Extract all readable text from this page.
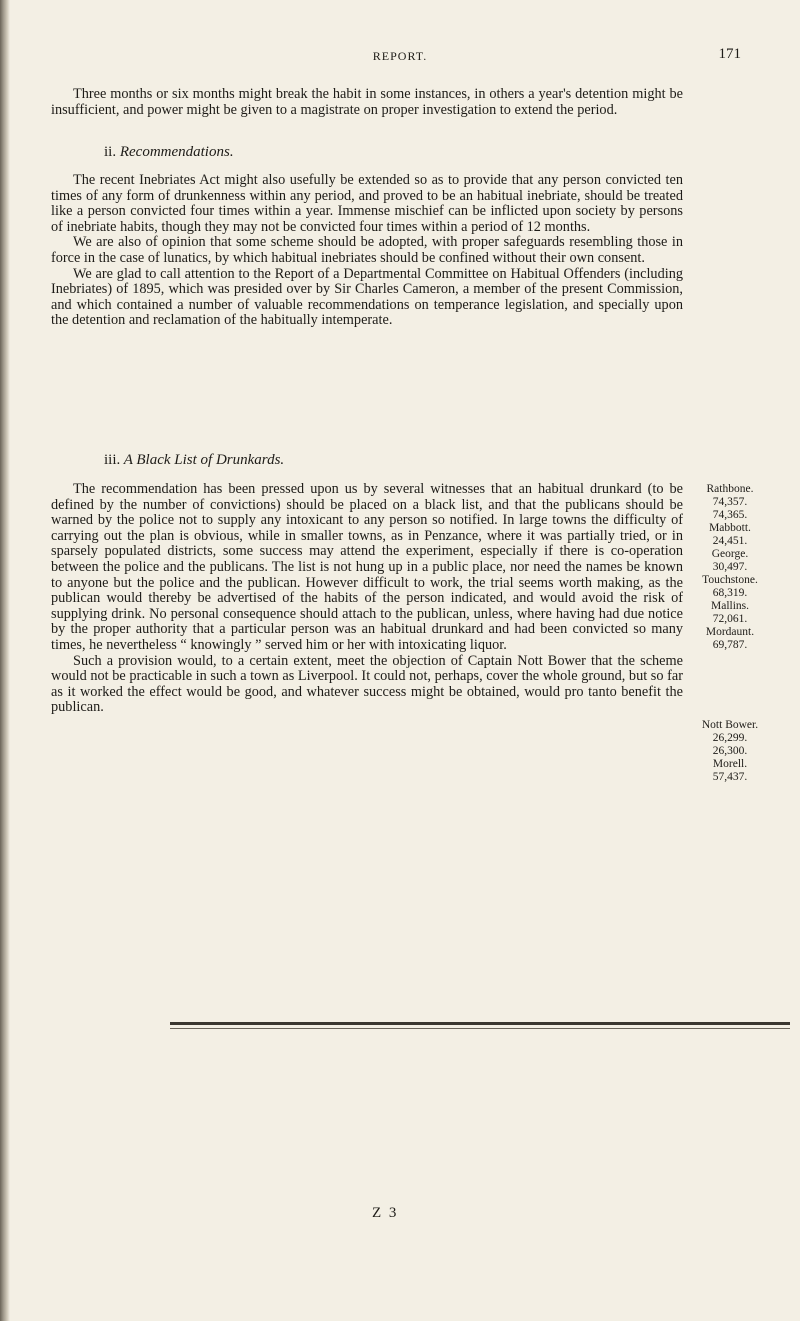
REPORT.	171

Three months or six months might break the habit in some instances, in others a year's detention might be insufficient, and power might be given to a magistrate on proper investigation to extend the period.

ii. Recommendations.

The recent Inebriates Act might also usefully be extended so as to provide that any person convicted ten times of any form of drunkenness within any period, and proved to be an habitual inebriate, should be treated like a person convicted four times within a year. Immense mischief can be inflicted upon society by persons of inebriate habits, though they may not be convicted four times within a period of 12 months.

We are also of opinion that some scheme should be adopted, with proper safeguards resembling those in force in the case of lunatics, by which habitual inebriates should be confined without their own consent.

We are glad to call attention to the Report of a Departmental Committee on Habitual Offenders (including Inebriates) of 1895, which was presided over by Sir Charles Cameron, a member of the present Commission, and which contained a number of valuable recommendations on temperance legislation, and specially upon the detention and reclamation of the habitually intemperate.

iii. A Black List of Drunkards.

The recommendation has been pressed upon us by several witnesses that an habitual drunkard (to be defined by the number of convictions) should be placed on a black list, and that the publicans should be warned by the police not to supply any intoxicant to any person so notified. In large towns the difficulty of carrying out the plan is obvious, while in smaller towns, as in Penzance, where it was partially tried, or in sparsely populated districts, some success may attend the experiment, especially if there is co-operation between the police and the publicans. The list is not hung up in a public place, nor need the names be known to anyone but the police and the publican. However difficult to work, the trial seems worth making, as the publican would thereby be advertised of the habits of the person indicated, and would avoid the risk of supplying drink. No personal consequence should attach to the publican, unless, where having had due notice by the proper authority that a particular person was an habitual drunkard and had been convicted so many times, he nevertheless “ knowingly ” served him or her with intoxicating liquor.

Such a provision would, to a certain extent, meet the objection of Captain Nott Bower that the scheme would not be practicable in such a town as Liverpool. It could not, perhaps, cover the whole ground, but so far as it worked the effect would be good, and whatever success might be obtained, would pro tanto benefit the publican.

Rathbone.
74,357.
74,365.
Mabbott.
24,451.
George.
30,497.
Touchstone.
68,319.
Mallins.
72,061.
Mordaunt.
69,787.
Nott Bower.
26,299.
26,300.
Morell.
57,437.
Z 3
